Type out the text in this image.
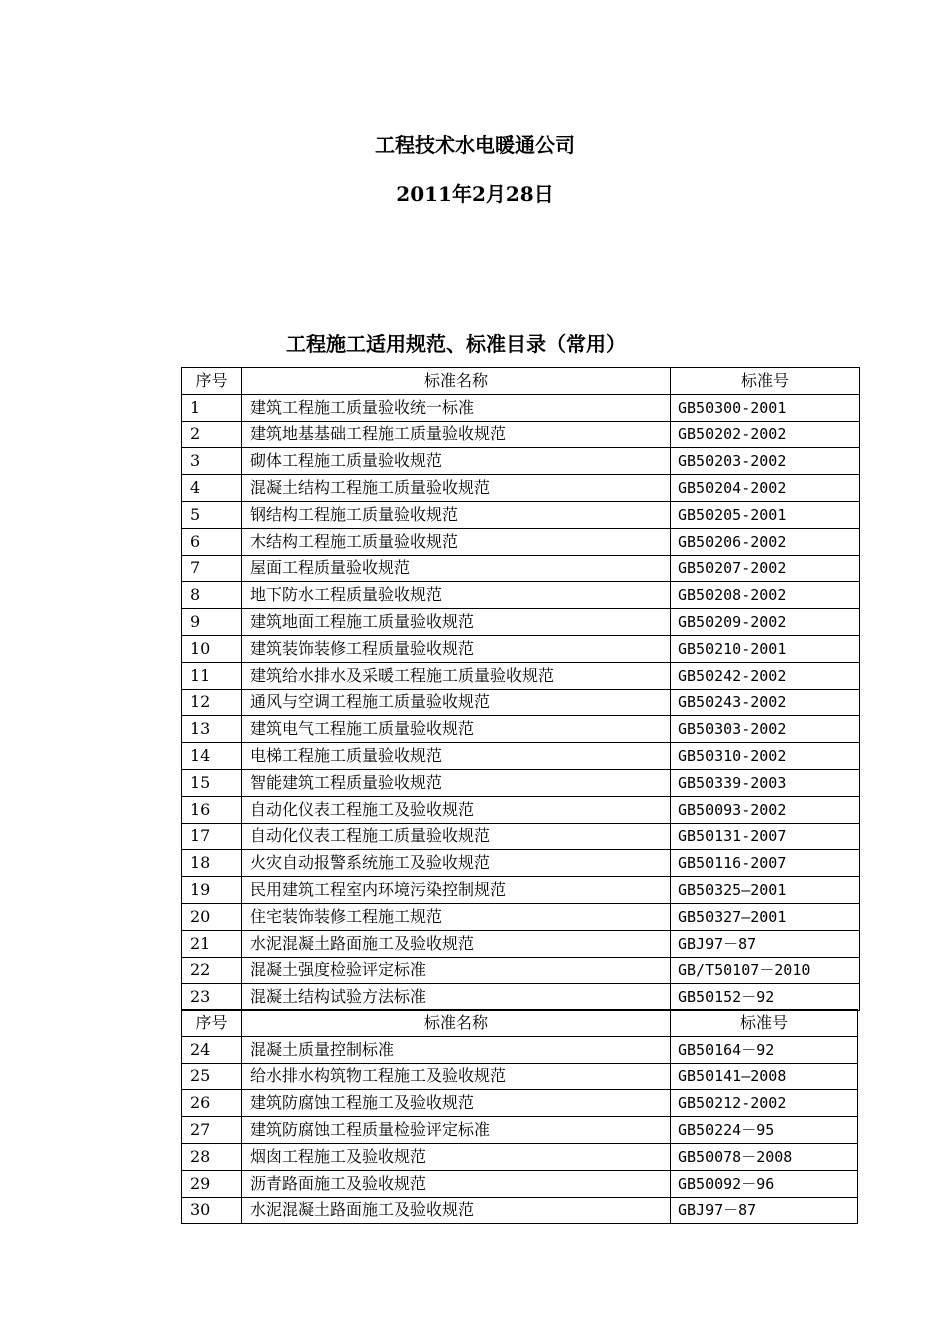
工程技术水电暖通公司
2011年2月28日
工程施工适用规范、标准目录（常用）
序号	标准名称	标准号
1	建筑工程施工质量验收统一标准	GB50300-2001
2	建筑地基基础工程施工质量验收规范	GB50202-2002
3	砌体工程施工质量验收规范	GB50203-2002
4	混凝土结构工程施工质量验收规范	GB50204-2002
5	钢结构工程施工质量验收规范	GB50205-2001
6	木结构工程施工质量验收规范	GB50206-2002
7	屋面工程质量验收规范	GB50207-2002
8	地下防水工程质量验收规范	GB50208-2002
9	建筑地面工程施工质量验收规范	GB50209-2002
10	建筑装饰装修工程质量验收规范	GB50210-2001
11	建筑给水排水及采暖工程施工质量验收规范	GB50242-2002
12	通风与空调工程施工质量验收规范	GB50243-2002
13	建筑电气工程施工质量验收规范	GB50303-2002
14	电梯工程施工质量验收规范	GB50310-2002
15	智能建筑工程质量验收规范	GB50339-2003
16	自动化仪表工程施工及验收规范	GB50093-2002
17	自动化仪表工程施工质量验收规范	GB50131-2007
18	火灾自动报警系统施工及验收规范	GB50116-2007
19	民用建筑工程室内环境污染控制规范	GB50325—2001
20	住宅装饰装修工程施工规范	GB50327—2001
21	水泥混凝土路面施工及验收规范	GBJ97－87
22	混凝土强度检验评定标准	GB/T50107－2010
23	混凝土结构试验方法标准	GB50152－92
序号	标准名称	标准号
24	混凝土质量控制标准	GB50164－92
25	给水排水构筑物工程施工及验收规范	GB50141—2008
26	建筑防腐蚀工程施工及验收规范	GB50212-2002
27	建筑防腐蚀工程质量检验评定标准	GB50224－95
28	烟囱工程施工及验收规范	GB50078－2008
29	沥青路面施工及验收规范	GB50092－96
30	水泥混凝土路面施工及验收规范	GBJ97－87
